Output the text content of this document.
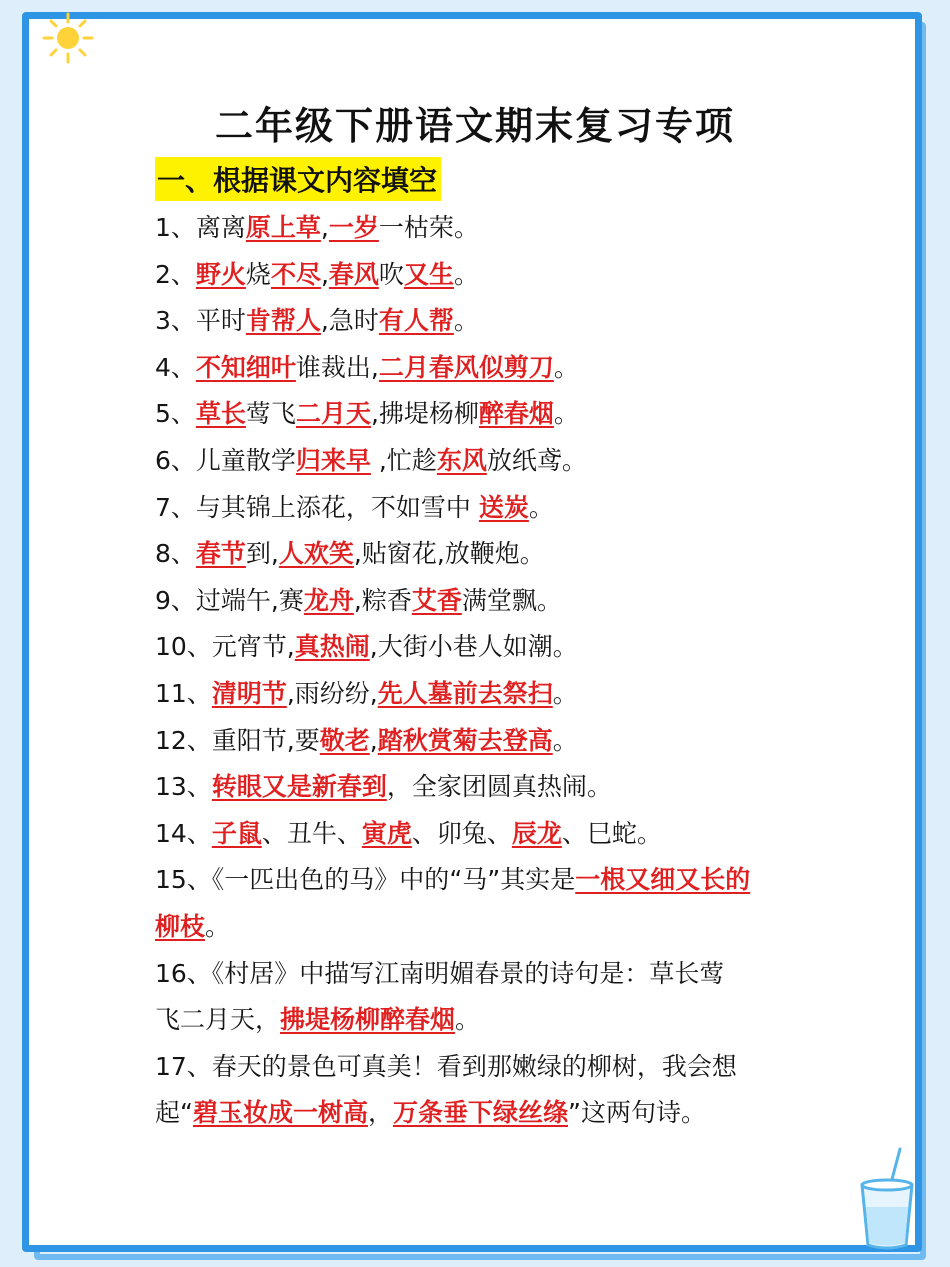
二年级下册语文期末复习专项
一、根据课文内容填空
1、离离原上草,一岁一枯荣。
2、野火烧不尽,春风吹又生。
3、平时肯帮人,急时有人帮。
4、不知细叶谁裁出,二月春风似剪刀。
5、草长莺飞二月天,拂堤杨柳醉春烟。
6、儿童散学归来早 ,忙趁东风放纸鸢。
7、与其锦上添花，不如雪中 送炭。
8、春节到,人欢笑,贴窗花,放鞭炮。
9、过端午,赛龙舟,粽香艾香满堂飘。
10、元宵节,真热闹,大街小巷人如潮。
11、清明节,雨纷纷,先人墓前去祭扫。
12、重阳节,要敬老,踏秋赏菊去登高。
13、转眼又是新春到，全家团圆真热闹。
14、子鼠、丑牛、寅虎、卯兔、辰龙、巳蛇。
15、《一匹出色的马》中的“马”其实是一根又细又长的
柳枝。
16、《村居》中描写江南明媚春景的诗句是：草长莺
飞二月天，拂堤杨柳醉春烟。
17、春天的景色可真美！看到那嫩绿的柳树，我会想
起“碧玉妆成一树高，万条垂下绿丝绦”这两句诗。
